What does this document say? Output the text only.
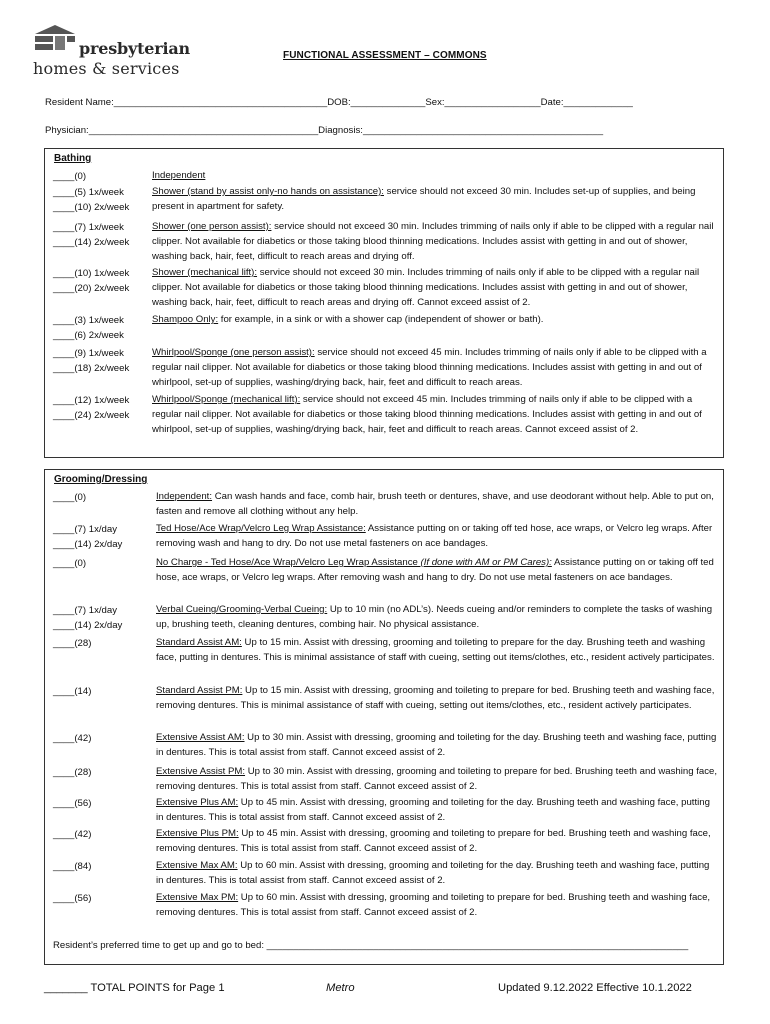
presbyterian
homes & services
FUNCTIONAL ASSESSMENT – COMMONS
Resident Name:________________________________________DOB:______________Sex:__________________Date:_____________
Physician:___________________________________________Diagnosis:_____________________________________________
Bathing
____(0)	Independent
____(5) 1x/week
____(10) 2x/week
Shower (stand by assist only-no hands on assistance): service should not exceed 30 min. Includes set-up of supplies, and being present in apartment for safety.
____(7) 1x/week
____(14) 2x/week
Shower (one person assist): service should not exceed 30 min. Includes trimming of nails only if able to be clipped with a regular nail clipper. Not available for diabetics or those taking blood thinning medications. Includes assist with getting in and out of shower, washing back, hair, feet, difficult to reach areas and drying off.
____(10) 1x/week
____(20) 2x/week
Shower (mechanical lift): service should not exceed 30 min. Includes trimming of nails only if able to be clipped with a regular nail clipper. Not available for diabetics or those taking blood thinning medications. Includes assist with getting in and out of shower, washing back, hair, feet, difficult to reach areas and drying off. Cannot exceed assist of 2.
____(3) 1x/week
____(6) 2x/week
Shampoo Only: for example, in a sink or with a shower cap (independent of shower or bath).
____(9) 1x/week
____(18) 2x/week
Whirlpool/Sponge (one person assist): service should not exceed 45 min. Includes trimming of nails only if able to be clipped with a regular nail clipper. Not available for diabetics or those taking blood thinning medications. Includes assist with getting in and out of whirlpool, set-up of supplies, washing/drying back, hair, feet and difficult to reach areas.
____(12) 1x/week
____(24) 2x/week
Whirlpool/Sponge (mechanical lift): service should not exceed 45 min. Includes trimming of nails only if able to be clipped with a regular nail clipper. Not available for diabetics or those taking blood thinning medications. Includes assist with getting in and out of whirlpool, set-up of supplies, washing/drying back, hair, feet and difficult to reach areas. Cannot exceed assist of 2.
Grooming/Dressing
____(0)	Independent: Can wash hands and face, comb hair, brush teeth or dentures, shave, and use deodorant without help. Able to put on, fasten and remove all clothing without any help.
____(7) 1x/day
____(14) 2x/day
Ted Hose/Ace Wrap/Velcro Leg Wrap Assistance: Assistance putting on or taking off ted hose, ace wraps, or Velcro leg wraps. After removing wash and hang to dry. Do not use metal fasteners on ace bandages.
____(0)	No Charge - Ted Hose/Ace Wrap/Velcro Leg Wrap Assistance (If done with AM or PM Cares): Assistance putting on or taking off ted hose, ace wraps, or Velcro leg wraps. After removing wash and hang to dry. Do not use metal fasteners on ace bandages.
____(7) 1x/day
____(14) 2x/day
Verbal Cueing/Grooming-Verbal Cueing: Up to 10 min (no ADL’s). Needs cueing and/or reminders to complete the tasks of washing up, brushing teeth, cleaning dentures, combing hair. No physical assistance.
____(28)	Standard Assist AM: Up to 15 min. Assist with dressing, grooming and toileting to prepare for the day. Brushing teeth and washing face, putting in dentures. This is minimal assistance of staff with cueing, setting out items/clothes, etc., resident actively participates.
____(14)	Standard Assist PM: Up to 15 min. Assist with dressing, grooming and toileting to prepare for bed. Brushing teeth and washing face, removing dentures. This is minimal assistance of staff with cueing, setting out items/clothes, etc., resident actively participates.
____(42)	Extensive Assist AM: Up to 30 min. Assist with dressing, grooming and toileting for the day. Brushing teeth and washing face, putting in dentures. This is total assist from staff. Cannot exceed assist of 2.
____(28)	Extensive Assist PM: Up to 30 min. Assist with dressing, grooming and toileting to prepare for bed. Brushing teeth and washing face, removing dentures. This is total assist from staff. Cannot exceed assist of 2.
____(56)	Extensive Plus AM: Up to 45 min. Assist with dressing, grooming and toileting for the day. Brushing teeth and washing face, putting in dentures. This is total assist from staff. Cannot exceed assist of 2.
____(42)	Extensive Plus PM: Up to 45 min. Assist with dressing, grooming and toileting to prepare for bed. Brushing teeth and washing face, removing dentures. This is total assist from staff. Cannot exceed assist of 2.
____(84)	Extensive Max AM: Up to 60 min. Assist with dressing, grooming and toileting for the day. Brushing teeth and washing face, putting in dentures. This is total assist from staff. Cannot exceed assist of 2.
____(56)	Extensive Max PM: Up to 60 min. Assist with dressing, grooming and toileting to prepare for bed. Brushing teeth and washing face, removing dentures. This is total assist from staff. Cannot exceed assist of 2.
Resident’s preferred time to get up and go to bed: _______________________________________________________________________________
_______ TOTAL POINTS for Page 1	Metro	Updated 9.12.2022 Effective 10.1.2022
